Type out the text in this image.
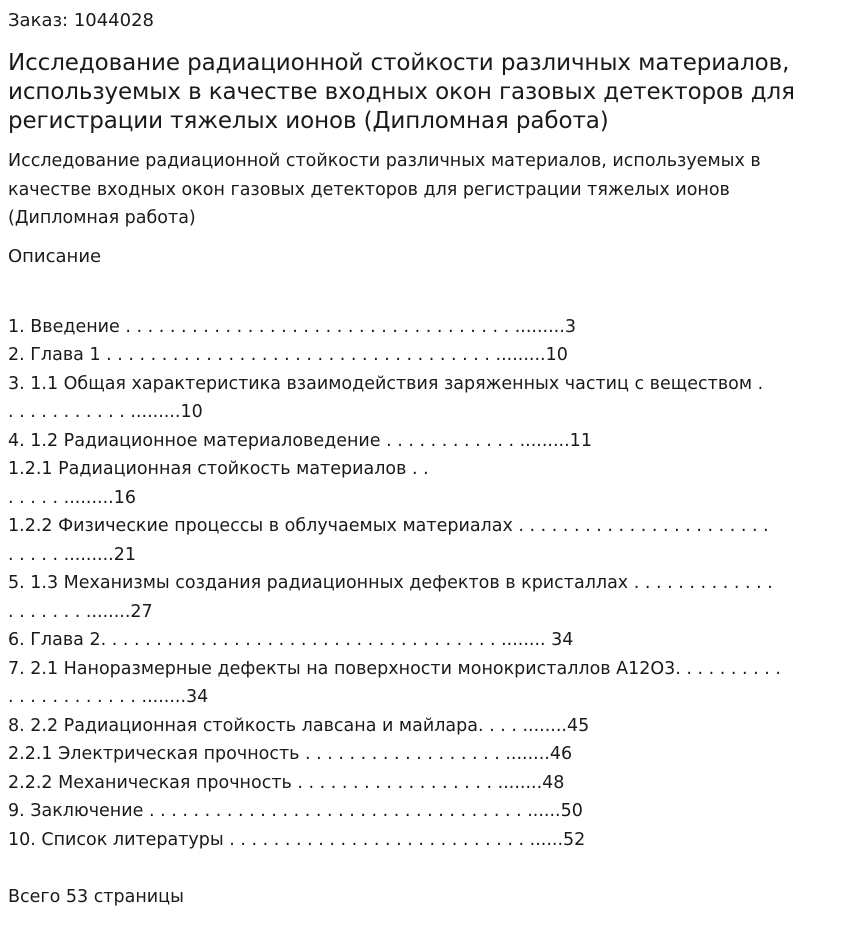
Заказ: 1044028
Исследование радиационной стойкости различных материалов, используемых в качестве входных окон газовых детекторов для регистрации тяжелых ионов (Дипломная работа)
Исследование радиационной стойкости различных материалов, используемых в качестве входных окон газовых детекторов для регистрации тяжелых ионов (Дипломная работа)
Описание
1. Введение . . . . . . . . . . . . . . . . . . . . . . . . . . . . . . . . . . . .........3
2. Глава 1 . . . . . . . . . . . . . . . . . . . . . . . . . . . . . . . . . . . .........10
3. 1.1 Общая характеристика взаимодействия заряженных частиц с веществом .
. . . . . . . . . . . .........10
4. 1.2 Радиационное материаловедение . . . . . . . . . . . . .........11
1.2.1 Радиационная стойкость материалов . .
. . . . . .........16
1.2.2 Физические процессы в облучаемых материалах . . . . . . . . . . . . . . . . . . . . . . .
. . . . . .........21
5. 1.3 Механизмы создания радиационных дефектов в кристаллах . . . . . . . . . . . . .
. . . . . . . ........27
6. Глава 2. . . . . . . . . . . . . . . . . . . . . . . . . . . . . . . . . . . . ........ 34
7. 2.1 Наноразмерные дефекты на поверхности монокристаллов А12О3. . . . . . . . . .
. . . . . . . . . . . . ........34
8. 2.2 Радиационная стойкость лавсана и майлара. . . . ........45
2.2.1 Электрическая прочность . . . . . . . . . . . . . . . . . . ........46
2.2.2 Механическая прочность . . . . . . . . . . . . . . . . . . ........48
9. Заключение . . . . . . . . . . . . . . . . . . . . . . . . . . . . . . . . . . ......50
10. Список литературы . . . . . . . . . . . . . . . . . . . . . . . . . . . ......52
Всего 53 страницы
